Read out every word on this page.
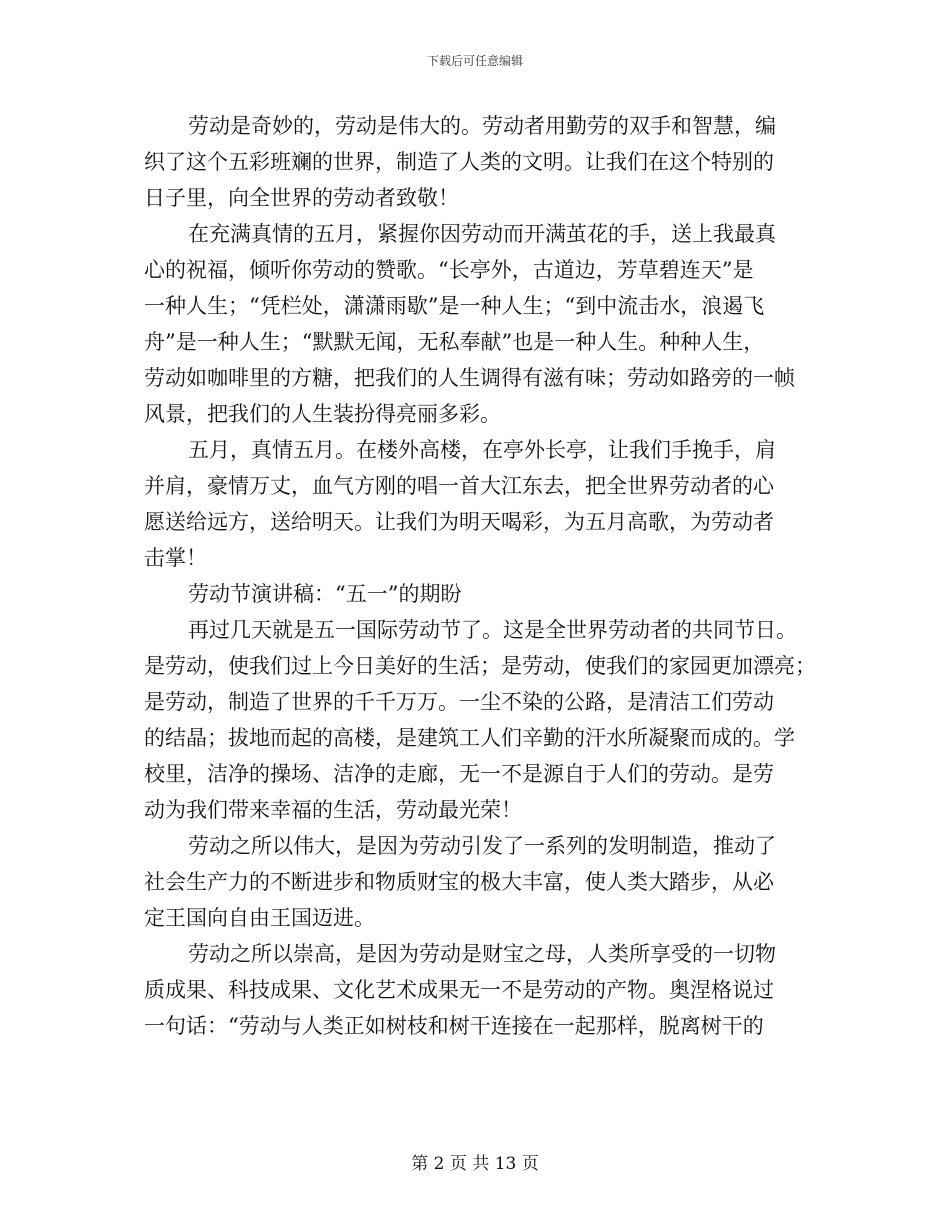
下载后可任意编辑
劳动是奇妙的，劳动是伟大的。劳动者用勤劳的双手和智慧，编
织了这个五彩班斓的世界，制造了人类的文明。让我们在这个特别的
日子里，向全世界的劳动者致敬！
在充满真情的五月，紧握你因劳动而开满茧花的手，送上我最真
心的祝福，倾听你劳动的赞歌。“长亭外，古道边，芳草碧连天”是
一种人生；“凭栏处，潇潇雨歇”是一种人生；“到中流击水，浪遏飞
舟”是一种人生；“默默无闻，无私奉献”也是一种人生。种种人生，
劳动如咖啡里的方糖，把我们的人生调得有滋有味；劳动如路旁的一帧
风景，把我们的人生装扮得亮丽多彩。
五月，真情五月。在楼外高楼，在亭外长亭，让我们手挽手，肩
并肩，豪情万丈，血气方刚的唱一首大江东去，把全世界劳动者的心
愿送给远方，送给明天。让我们为明天喝彩，为五月高歌，为劳动者
击掌！
劳动节演讲稿：“五一”的期盼
再过几天就是五一国际劳动节了。这是全世界劳动者的共同节日。
是劳动，使我们过上今日美好的生活；是劳动，使我们的家园更加漂亮；
是劳动，制造了世界的千千万万。一尘不染的公路，是清洁工们劳动
的结晶；拔地而起的高楼，是建筑工人们辛勤的汗水所凝聚而成的。学
校里，洁净的操场、洁净的走廊，无一不是源自于人们的劳动。是劳
动为我们带来幸福的生活，劳动最光荣！
劳动之所以伟大，是因为劳动引发了一系列的发明制造，推动了
社会生产力的不断进步和物质财宝的极大丰富，使人类大踏步，从必
定王国向自由王国迈进。
劳动之所以崇高，是因为劳动是财宝之母，人类所享受的一切物
质成果、科技成果、文化艺术成果无一不是劳动的产物。奥涅格说过
一句话：“劳动与人类正如树枝和树干连接在一起那样，脱离树干的
第 2 页 共 13 页
